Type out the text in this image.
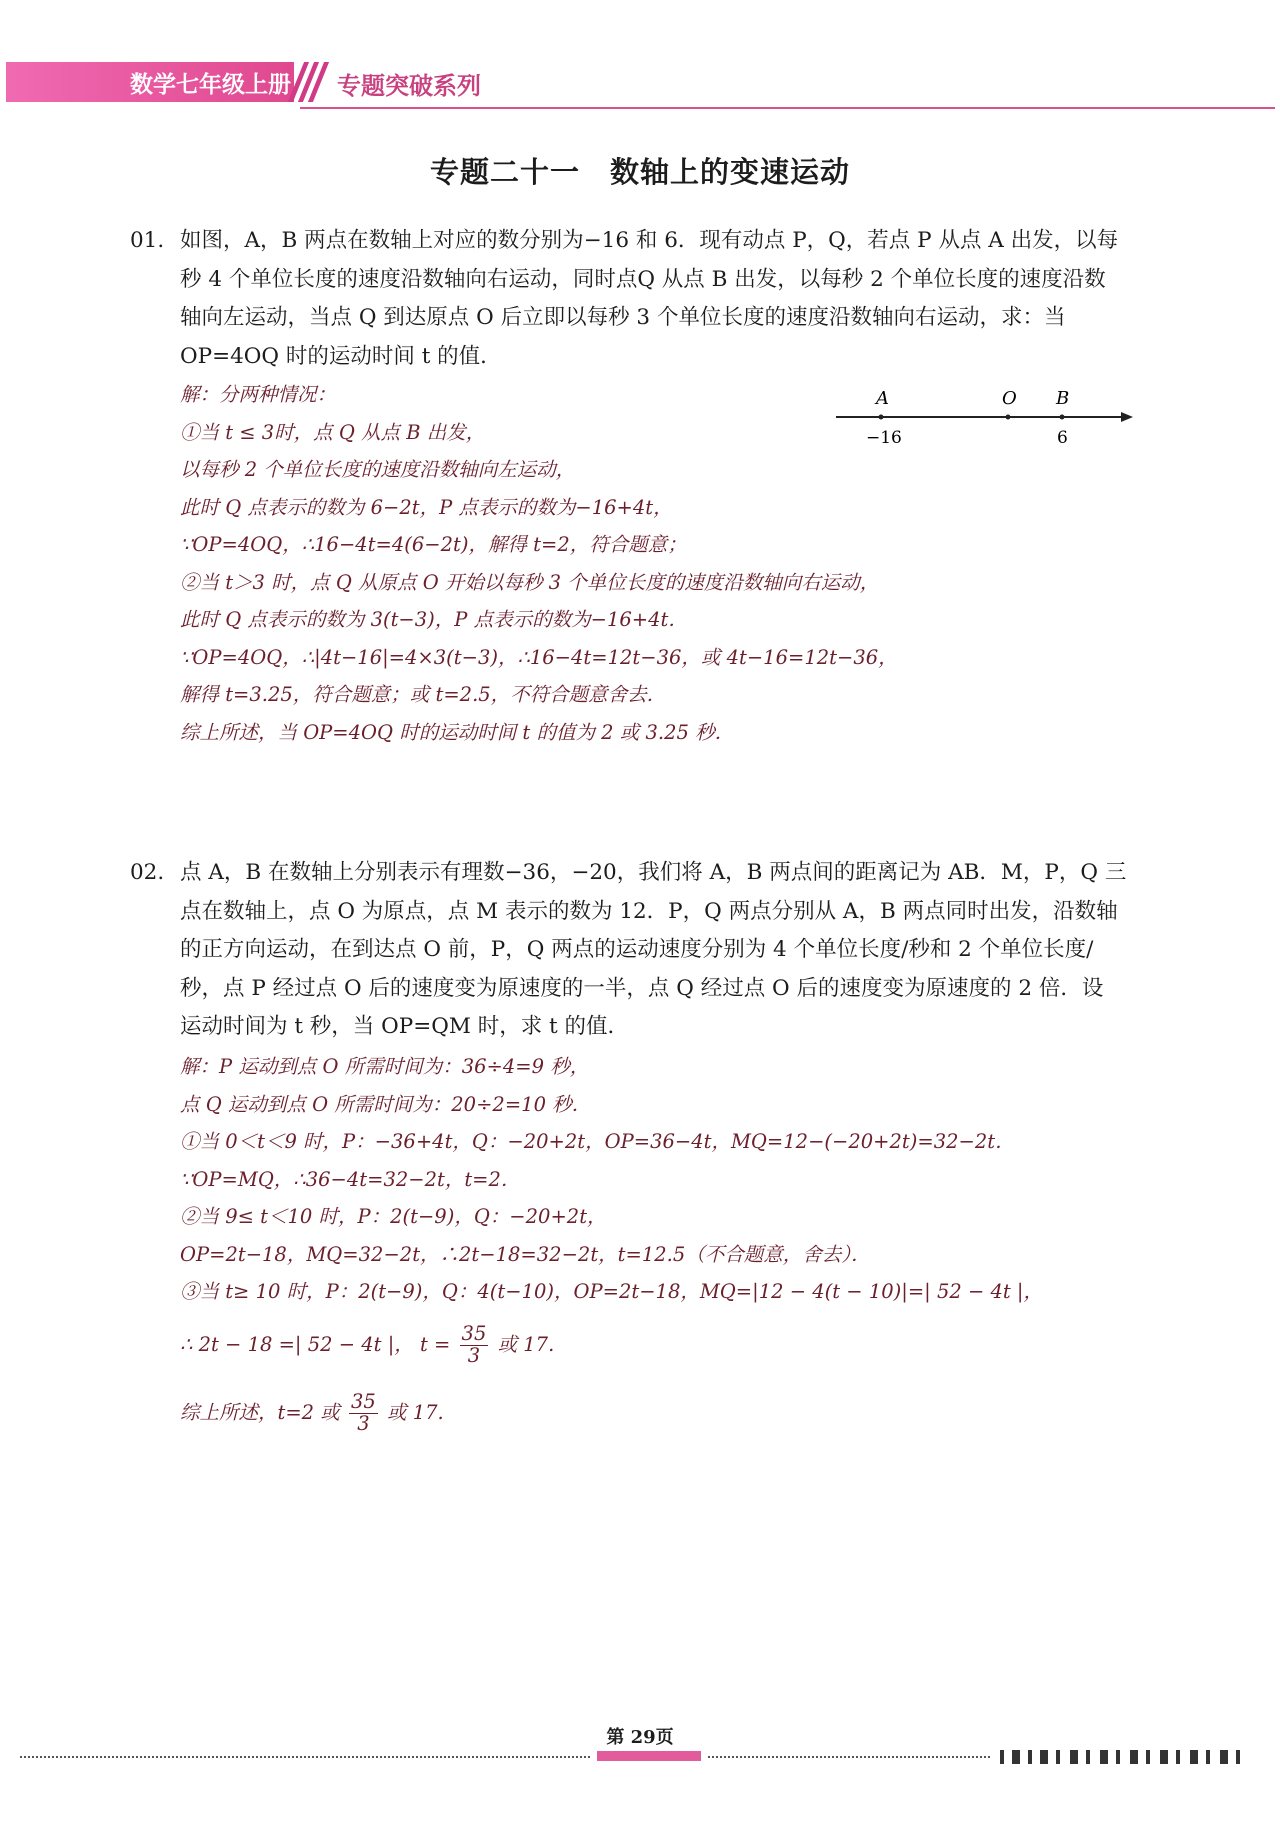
数学七年级上册 专题突破系列
专题二十一　数轴上的变速运动
01. 如图，A，B 两点在数轴上对应的数分别为−16 和 6．现有动点 P，Q，若点 P 从点 A 出发，以每
秒 4 个单位长度的速度沿数轴向右运动，同时点Q 从点 B 出发，以每秒 2 个单位长度的速度沿数
轴向左运动，当点 Q 到达原点 O 后立即以每秒 3 个单位长度的速度沿数轴向右运动，求：当
OP=4OQ 时的运动时间 t 的值．
A	O B
−16	6
解：分两种情况：
①当 t ≤ 3时，点 Q 从点 B 出发，
以每秒 2 个单位长度的速度沿数轴向左运动，
此时 Q 点表示的数为 6−2t，P 点表示的数为−16+4t，
∵OP=4OQ，∴16−4t=4(6−2t)，解得 t=2，符合题意；
②当 t＞3 时，点 Q 从原点 O 开始以每秒 3 个单位长度的速度沿数轴向右运动，
此时 Q 点表示的数为 3(t−3)，P 点表示的数为−16+4t．
∵OP=4OQ，∴|4t−16|=4×3(t−3)，∴16−4t=12t−36，或 4t−16=12t−36，
解得 t=3.25，符合题意；或 t=2.5，不符合题意舍去．
综上所述，当 OP=4OQ 时的运动时间 t 的值为 2 或 3.25 秒．
02. 点 A，B 在数轴上分别表示有理数−36，−20，我们将 A，B 两点间的距离记为 AB．M，P，Q 三
点在数轴上，点 O 为原点，点 M 表示的数为 12．P，Q 两点分别从 A，B 两点同时出发，沿数轴
的正方向运动，在到达点 O 前，P，Q 两点的运动速度分别为 4 个单位长度/秒和 2 个单位长度/
秒，点 P 经过点 O 后的速度变为原速度的一半，点 Q 经过点 O 后的速度变为原速度的 2 倍．设
运动时间为 t 秒，当 OP=QM 时，求 t 的值．
解：P 运动到点 O 所需时间为：36÷4=9 秒，
点 Q 运动到点 O 所需时间为：20÷2=10 秒．
①当 0＜t＜9 时，P：−36+4t，Q：−20+2t，OP=36−4t，MQ=12−(−20+2t)=32−2t．
∵OP=MQ，∴36−4t=32−2t，t=2．
②当 9≤ t＜10 时，P：2(t−9)，Q：−20+2t，
OP=2t−18，MQ=32−2t，∴2t−18=32−2t，t=12.5（不合题意，舍去）．
③当 t≥ 10 时，P：2(t−9)，Q：4(t−10)，OP=2t−18，MQ=|12 − 4(t − 10)|=| 52 − 4t |，
∴ 2t − 18 =| 52 − 4t |， $t = \frac{35}{3}$ 或 17.
综上所述，t=2 或 $\frac{35}{3}$ 或 17.
第 29页
